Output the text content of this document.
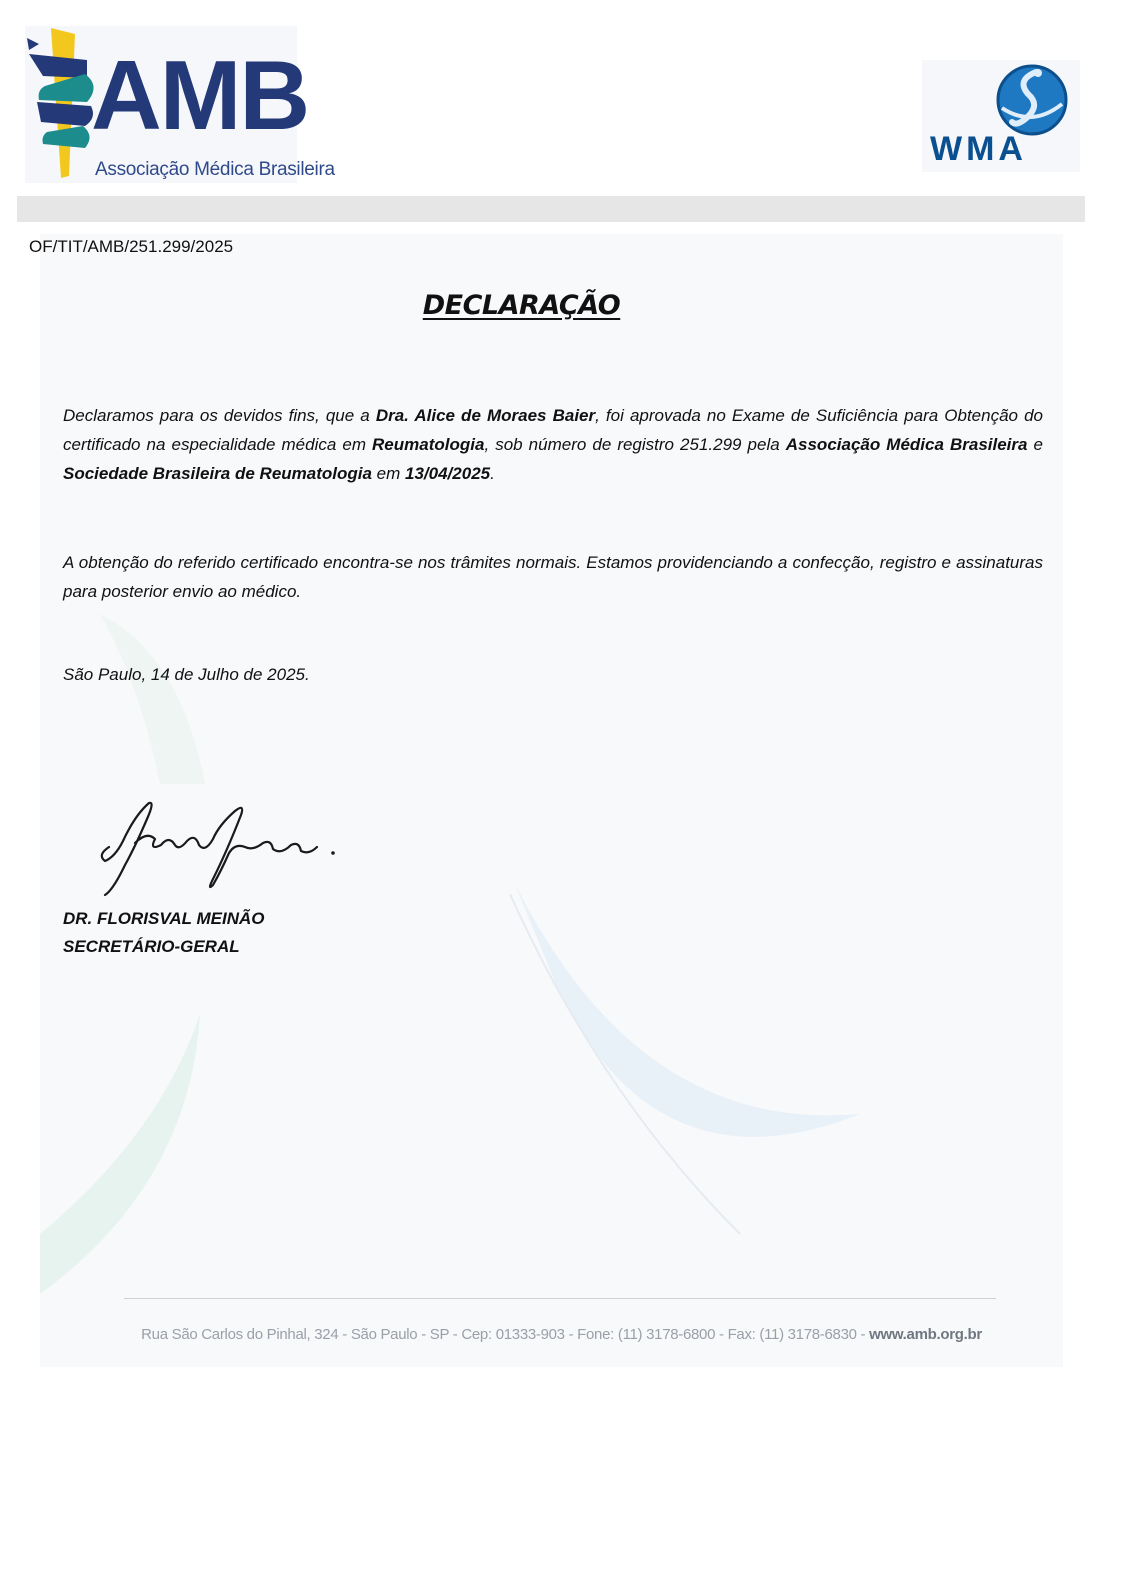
AMB
Associação Médica Brasileira
WMA
OF/TIT/AMB/251.299/2025
DECLARAÇÃO
Declaramos para os devidos fins, que a Dra. Alice de Moraes Baier, foi aprovada no Exame de Suficiência para Obtenção do certificado na especialidade médica em Reumatologia, sob número de registro 251.299 pela Associação Médica Brasileira e Sociedade Brasileira de Reumatologia em 13/04/2025.
A obtenção do referido certificado encontra-se nos trâmites normais. Estamos providenciando a confecção, registro e assinaturas para posterior envio ao médico.
São Paulo, 14 de Julho de 2025.
DR. FLORISVAL MEINÃO
SECRETÁRIO-GERAL
Rua São Carlos do Pinhal, 324 - São Paulo - SP - Cep: 01333-903 - Fone: (11) 3178-6800 - Fax: (11) 3178-6830 - www.amb.org.br
